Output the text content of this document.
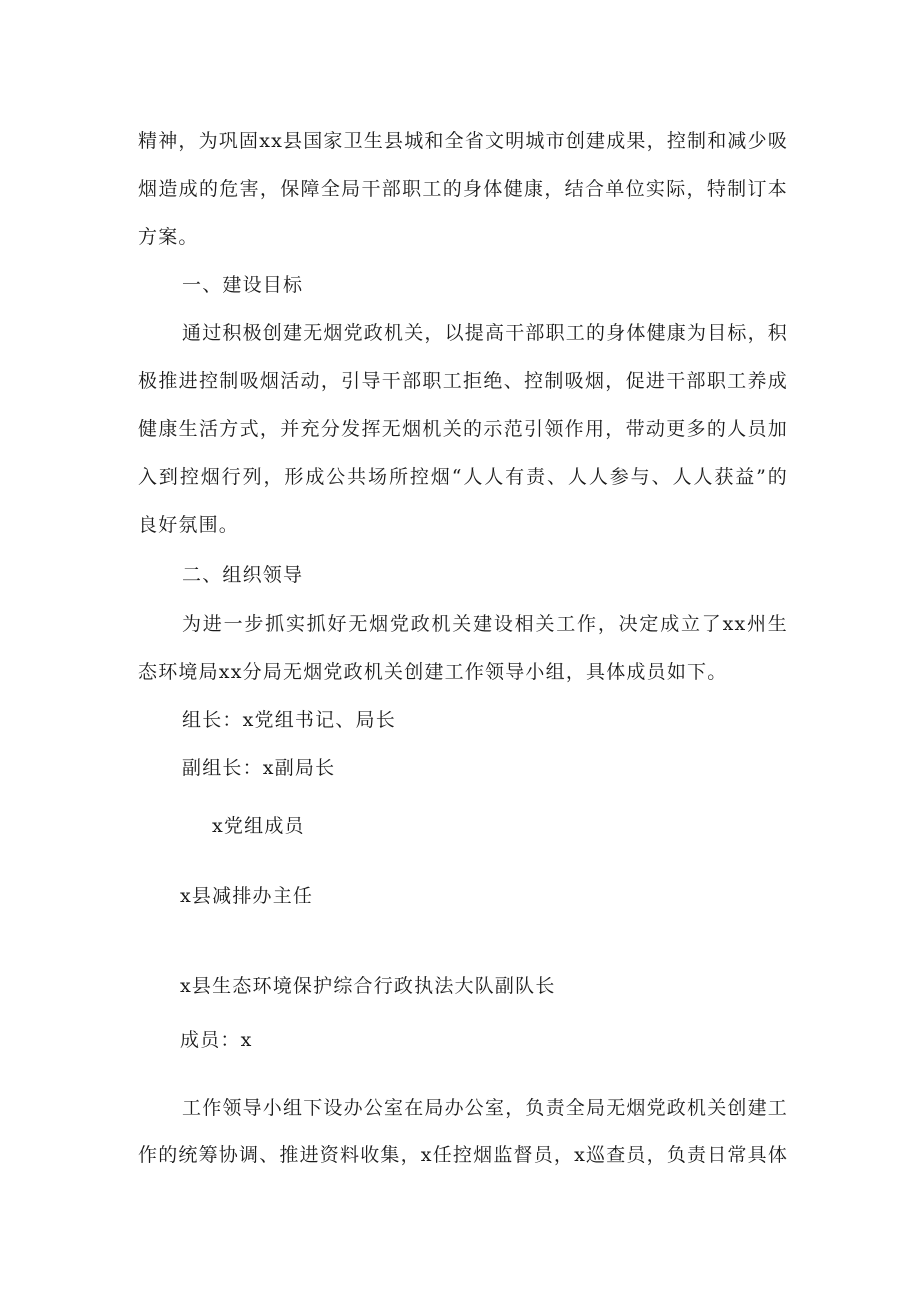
精神，为巩固xx县国家卫生县城和全省文明城市创建成果，控制和减少吸
烟造成的危害，保障全局干部职工的身体健康，结合单位实际，特制订本
方案。
一、建设目标
通过积极创建无烟党政机关，以提高干部职工的身体健康为目标，积
极推进控制吸烟活动，引导干部职工拒绝、控制吸烟，促进干部职工养成
健康生活方式，并充分发挥无烟机关的示范引领作用，带动更多的人员加
入到控烟行列，形成公共场所控烟“人人有责、人人参与、人人获益”的
良好氛围。
二、组织领导
为进一步抓实抓好无烟党政机关建设相关工作，决定成立了xx州生
态环境局xx分局无烟党政机关创建工作领导小组，具体成员如下。
组长：x党组书记、局长
副组长：x副局长
x党组成员
x县减排办主任
x县生态环境保护综合行政执法大队副队长
成员：x
工作领导小组下设办公室在局办公室，负责全局无烟党政机关创建工
作的统筹协调、推进资料收集，x任控烟监督员，x巡查员，负责日常具体
